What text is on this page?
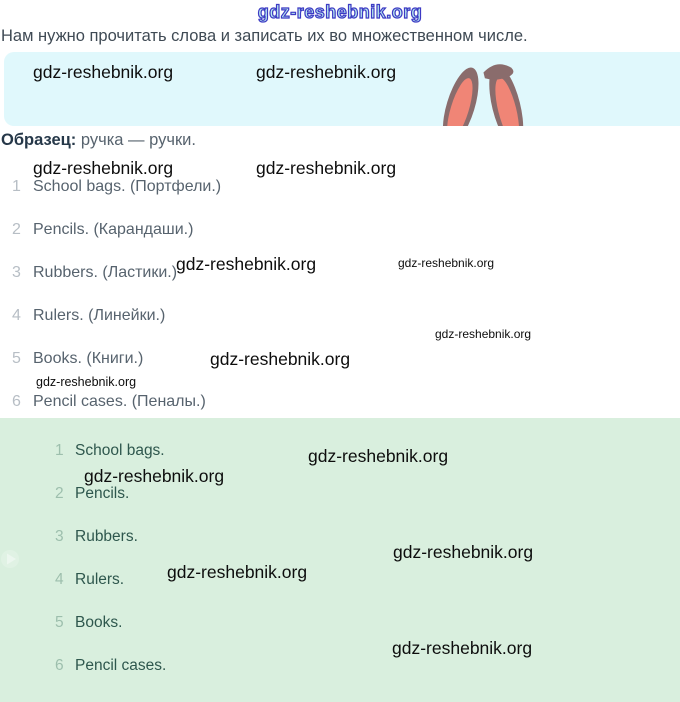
gdz-reshebnik.org
Нам нужно прочитать слова и записать их во множественном числе.
gdz-reshebnik.org	gdz-reshebnik.org
Образец: ручка — ручки.
gdz-reshebnik.org	gdz-reshebnik.org
1 School bags. (Портфели.)
2 Pencils. (Карандаши.)
3 Rubbers. (Ластики.)
4 Rulers. (Линейки.)
5 Books. (Книги.)
6 Pencil cases. (Пеналы.)
gdz-reshebnik.org	gdz-reshebnik.org
gdz-reshebnik.org
gdz-reshebnik.org
gdz-reshebnik.org
1 School bags.
2 Pencils.
3 Rubbers.
4 Rulers.
5 Books.
6 Pencil cases.
gdz-reshebnik.org
gdz-reshebnik.org
gdz-reshebnik.org
gdz-reshebnik.org
gdz-reshebnik.org
